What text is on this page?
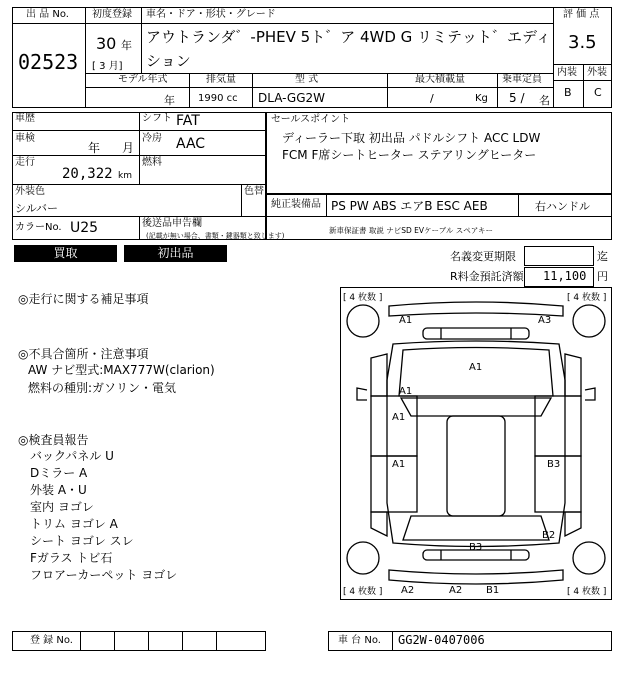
出 品 No.
02523
初度登録
30 年
[ 3 月]
車名・ドア・形状・グレード
アウトランダ゛-PHEV 5ト゛ア 4WD G リミテット゛エディ
ション
評 価 点
3.5
内装 外装
B C
モデル年式	排気量	型 式	最大積載量	乗車定員
年 1990 cc DLA-GG2W	/	Kg 5 / 名
車歴
車検
年 月
走行
20,322 km
シフト FAT
冷房 AAC
燃料
外装色
シルバー
色替
カラーNo. U25	後送品申告欄
(記載が無い場合、書類・鍵器類と致します)
セールスポイント
ディーラー下取 初出品 パドルシフト ACC LDW
FCM F席シートヒーター ステアリングヒーター
純正装備品 PS PW ABS エアB ESC AEB	右ハンドル
新車保証書 取説 ナビSD EVケーブル スペアキー
買取	初出品	名義変更期限	迄
R料金預託済額 11,100 円
◎走行に関する補足事項
◎不具合箇所・注意事項
AW ナビ型式:MAX777W(clarion)
燃料の種別:ガソリン・電気
◎検査員報告
バックパネル U
Dミラー A
外装 A・U
室内 ヨゴレ
トリム ヨゴレ A
シート ヨゴレ スレ
Fガラス トビ石
フロアーカーペット ヨゴレ
[ 4 枚数 ]	[ 4 枚数 ]
[ 4 枚数 ]	[ 4 枚数 ]
A1	A3
A1
A1
A1
A1	B3
B2
B3
A2	A2 B1
登 録 No.	車 台 No. GG2W-0407006
